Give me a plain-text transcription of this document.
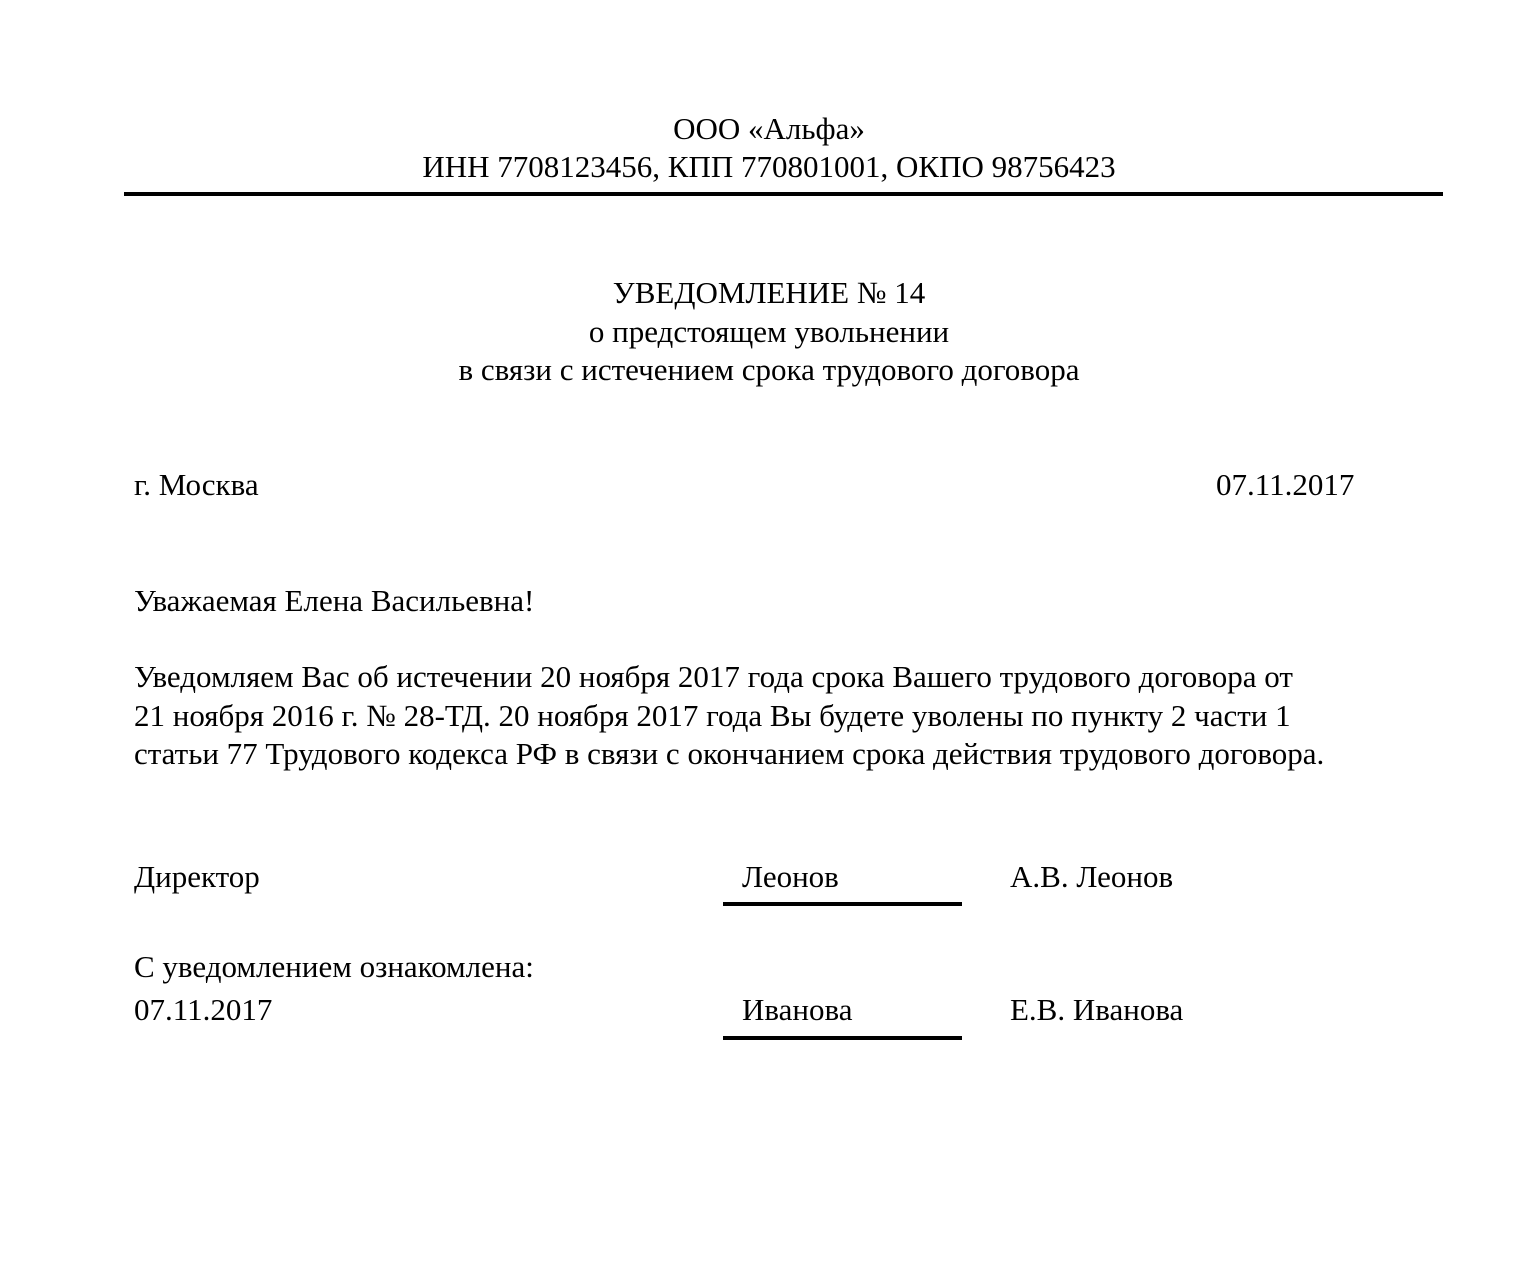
ООО «Альфа»
ИНН 7708123456, КПП 770801001, ОКПО 98756423
УВЕДОМЛЕНИЕ № 14
о предстоящем увольнении
в связи с истечением срока трудового договора
г. Москва	07.11.2017
Уважаемая Елена Васильевна!
Уведомляем Вас об истечении 20 ноября 2017 года срока Вашего трудового договора от
21 ноября 2016 г. № 28-ТД. 20 ноября 2017 года Вы будете уволены по пункту 2 части 1
статьи 77 Трудового кодекса РФ в связи с окончанием срока действия трудового договора.
Директор	Леонов	А.В. Леонов
С уведомлением ознакомлена:
07.11.2017	Иванова	Е.В. Иванова
